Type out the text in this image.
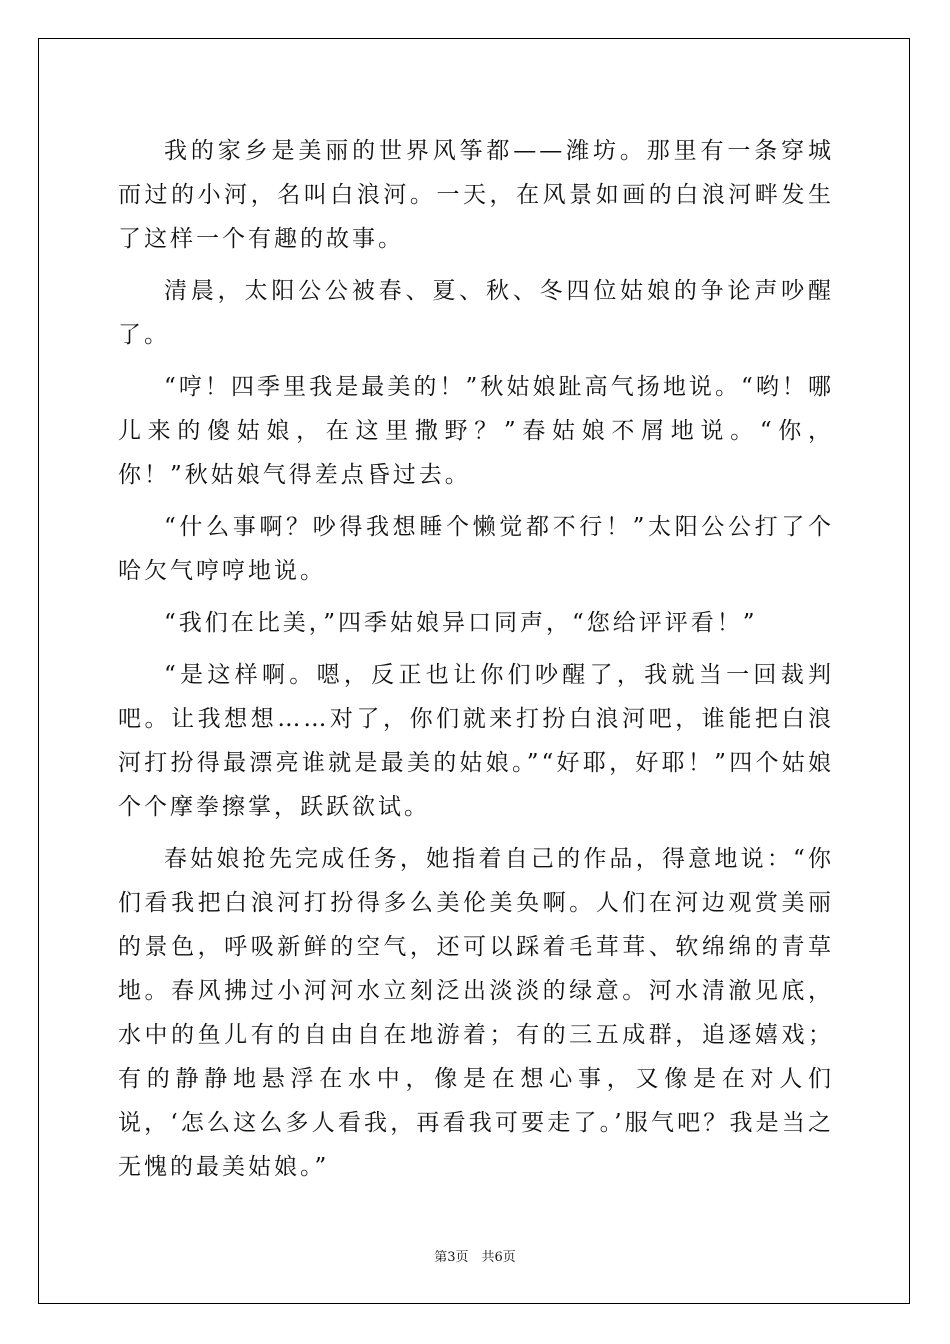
我的家乡是美丽的世界风筝都——潍坊。那里有一条穿城而过的小河，名叫白浪河。一天，在风景如画的白浪河畔发生了这样一个有趣的故事。

清晨，太阳公公被春、夏、秋、冬四位姑娘的争论声吵醒了。

“哼！四季里我是最美的！”秋姑娘趾高气扬地说。“哟！哪儿来的傻姑娘，在这里撒野？”春姑娘不屑地说。“你，你！”秋姑娘气得差点昏过去。

“什么事啊？吵得我想睡个懒觉都不行！”太阳公公打了个哈欠气哼哼地说。

“我们在比美，”四季姑娘异口同声，“您给评评看！”

“是这样啊。嗯，反正也让你们吵醒了，我就当一回裁判吧。让我想想……对了，你们就来打扮白浪河吧，谁能把白浪河打扮得最漂亮谁就是最美的姑娘。”“好耶，好耶！”四个姑娘个个摩拳擦掌，跃跃欲试。

春姑娘抢先完成任务，她指着自己的作品，得意地说：“你们看我把白浪河打扮得多么美伦美奂啊。人们在河边观赏美丽的景色，呼吸新鲜的空气，还可以踩着毛茸茸、软绵绵的青草地。春风拂过小河河水立刻泛出淡淡的绿意。河水清澈见底，水中的鱼儿有的自由自在地游着；有的三五成群，追逐嬉戏；有的静静地悬浮在水中，像是在想心事，又像是在对人们说，‘怎么这么多人看我，再看我可要走了。’服气吧？我是当之无愧的最美姑娘。”

第3页　共6页
